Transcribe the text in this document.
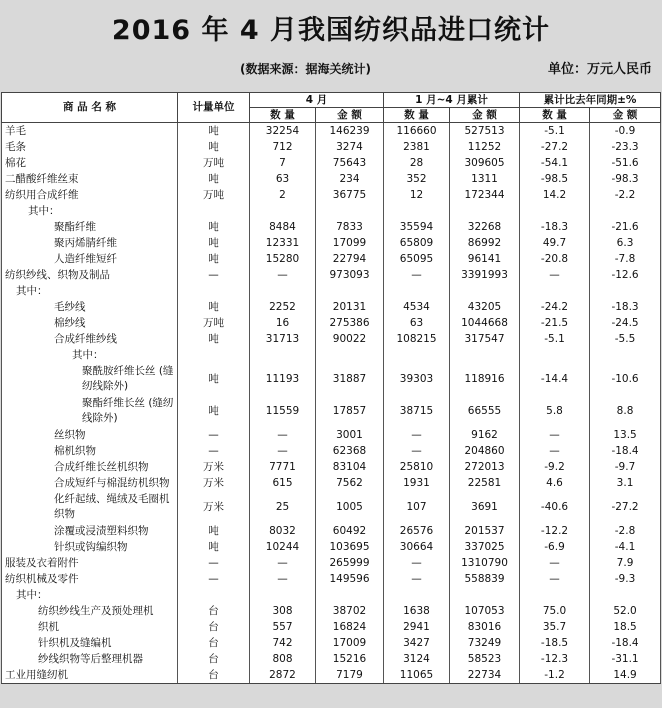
2016 年 4 月我国纺织品进口统计
(数据来源：据海关统计)	单位：万元人民币
商 品 名 称	计量单位	4 月		1 月~4 月累计		累计比去年同期±%	
		数 量	金 额	数 量	金 额	数 量	金 额
羊毛	吨	32254	146239	116660	527513	-5.1	-0.9
毛条	吨	712	3274	2381	11252	-27.2	-23.3
棉花	万吨	7	75643	28	309605	-54.1	-51.6
二醋酸纤维丝束	吨	63	234	352	1311	-98.5	-98.3
纺织用合成纤维	万吨	2	36775	12	172344	14.2	-2.2
其中：							
聚酯纤维	吨	8484	7833	35594	32268	-18.3	-21.6
聚丙烯腈纤维	吨	12331	17099	65809	86992	49.7	6.3
人造纤维短纤	吨	15280	22794	65095	96141	-20.8	-7.8
纺织纱线、织物及制品	—	—	973093	—	3391993	—	-12.6
其中：							
毛纱线	吨	2252	20131	4534	43205	-24.2	-18.3
棉纱线	万吨	16	275386	63	1044668	-21.5	-24.5
合成纤维纱线	吨	31713	90022	108215	317547	-5.1	-5.5
其中：							
聚酰胺纤维长丝 (缝纫线除外)	吨	11193	31887	39303	118916	-14.4	-10.6
聚酯纤维长丝 (缝纫线除外)	吨	11559	17857	38715	66555	5.8	8.8
丝织物	—	—	3001	—	9162	—	13.5
棉机织物	—	—	62368	—	204860	—	-18.4
合成纤维长丝机织物	万米	7771	83104	25810	272013	-9.2	-9.7
合成短纤与棉混纺机织物	万米	615	7562	1931	22581	4.6	3.1
化纤起绒、绳绒及毛圈机织物	万米	25	1005	107	3691	-40.6	-27.2
涂覆或浸渍塑料织物	吨	8032	60492	26576	201537	-12.2	-2.8
针织或钩编织物	吨	10244	103695	30664	337025	-6.9	-4.1
服装及衣着附件	—	—	265999	—	1310790	—	7.9
纺织机械及零件	—	—	149596	—	558839	—	-9.3
其中：							
纺织纱线生产及预处理机	台	308	38702	1638	107053	75.0	52.0
织机	台	557	16824	2941	83016	35.7	18.5
针织机及缝编机	台	742	17009	3427	73249	-18.5	-18.4
纱线织物等后整理机器	台	808	15216	3124	58523	-12.3	-31.1
工业用缝纫机	台	2872	7179	11065	22734	-1.2	14.9
